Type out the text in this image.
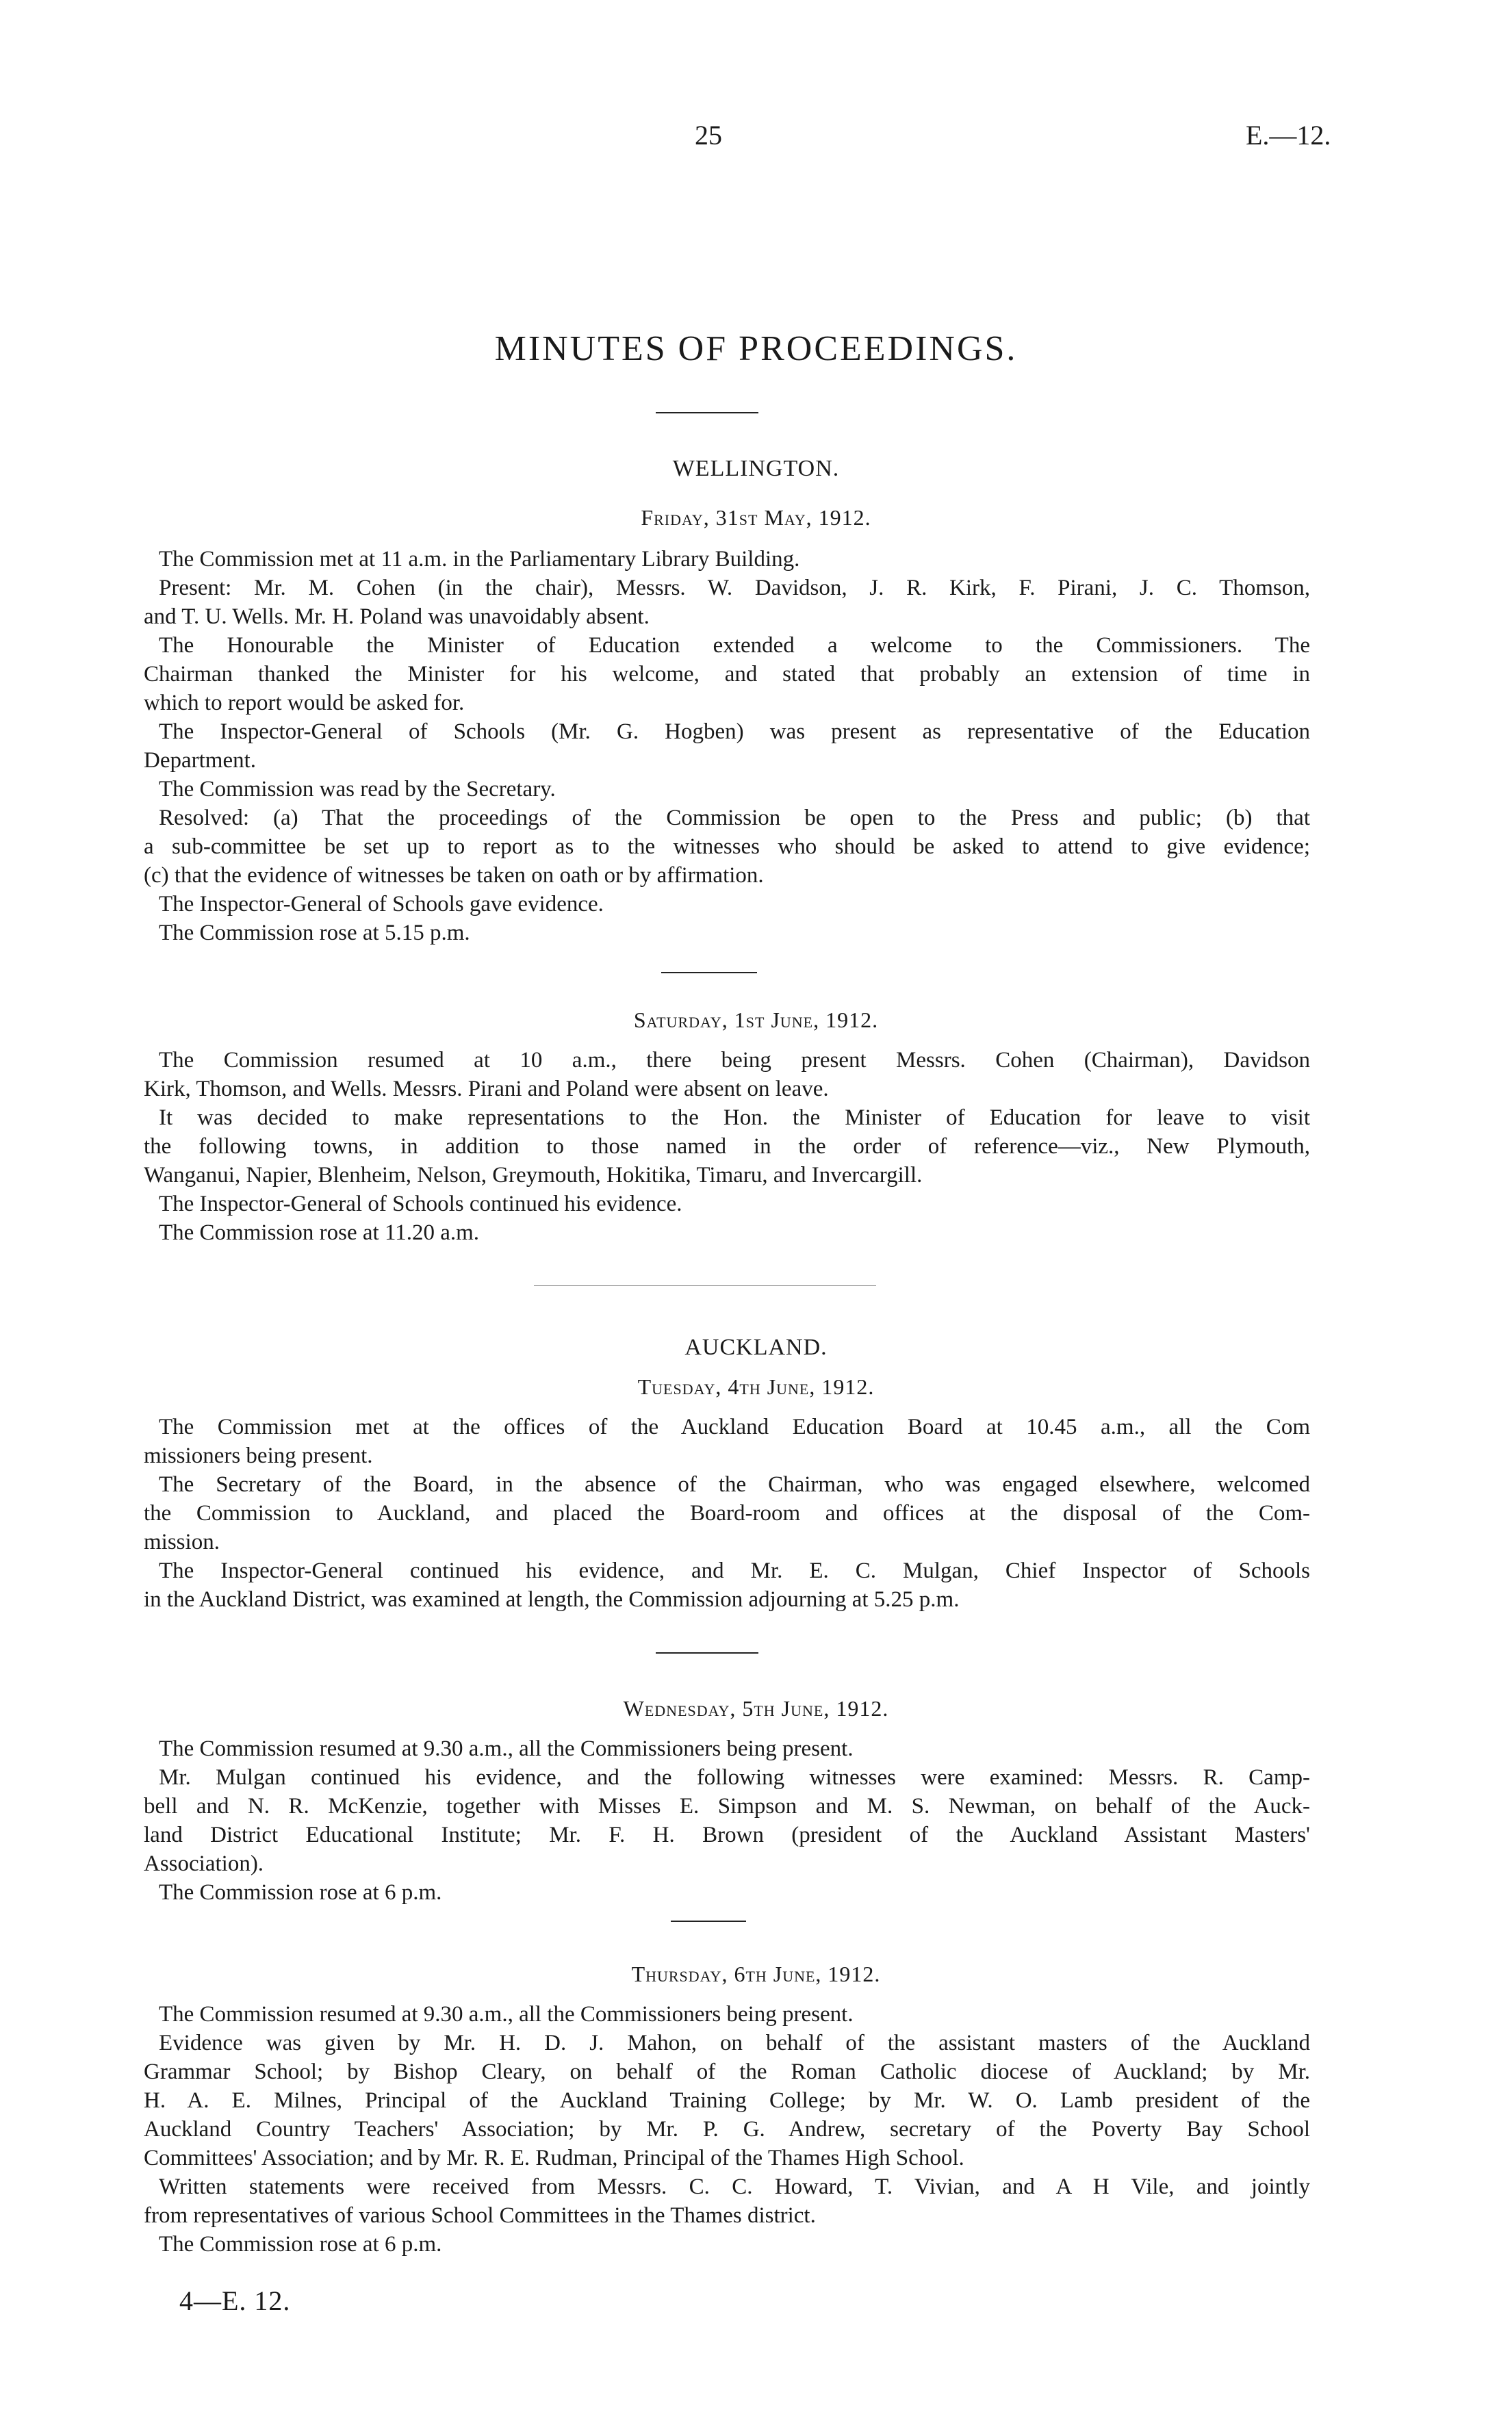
25	E.—12.
MINUTES OF PROCEEDINGS.
WELLINGTON.
Friday, 31st May, 1912.
The Commission met at 11 a.m. in the Parliamentary Library Building.
Present: Mr. M. Cohen (in the chair), Messrs. W. Davidson, J. R. Kirk, F. Pirani, J. C. Thomson,
and T. U. Wells. Mr. H. Poland was unavoidably absent.
The Honourable the Minister of Education extended a welcome to the Commissioners. The
Chairman thanked the Minister for his welcome, and stated that probably an extension of time in
which to report would be asked for.
The Inspector-General of Schools (Mr. G. Hogben) was present as representative of the Education
Department.
The Commission was read by the Secretary.
Resolved: (a) That the proceedings of the Commission be open to the Press and public; (b) that
a sub-committee be set up to report as to the witnesses who should be asked to attend to give evidence;
(c) that the evidence of witnesses be taken on oath or by affirmation.
The Inspector-General of Schools gave evidence.
The Commission rose at 5.15 p.m.
Saturday, 1st June, 1912.
The Commission resumed at 10 a.m., there being present Messrs. Cohen (Chairman), Davidson
Kirk, Thomson, and Wells. Messrs. Pirani and Poland were absent on leave.
It was decided to make representations to the Hon. the Minister of Education for leave to visit
the following towns, in addition to those named in the order of reference—viz., New Plymouth,
Wanganui, Napier, Blenheim, Nelson, Greymouth, Hokitika, Timaru, and Invercargill.
The Inspector-General of Schools continued his evidence.
The Commission rose at 11.20 a.m.
AUCKLAND.
Tuesday, 4th June, 1912.
The Commission met at the offices of the Auckland Education Board at 10.45 a.m., all the Com
missioners being present.
The Secretary of the Board, in the absence of the Chairman, who was engaged elsewhere, welcomed
the Commission to Auckland, and placed the Board-room and offices at the disposal of the Com-
mission.
The Inspector-General continued his evidence, and Mr. E. C. Mulgan, Chief Inspector of Schools
in the Auckland District, was examined at length, the Commission adjourning at 5.25 p.m.
Wednesday, 5th June, 1912.
The Commission resumed at 9.30 a.m., all the Commissioners being present.
Mr. Mulgan continued his evidence, and the following witnesses were examined: Messrs. R. Camp-
bell and N. R. McKenzie, together with Misses E. Simpson and M. S. Newman, on behalf of the Auck-
land District Educational Institute; Mr. F. H. Brown (president of the Auckland Assistant Masters'
Association).
The Commission rose at 6 p.m.
Thursday, 6th June, 1912.
The Commission resumed at 9.30 a.m., all the Commissioners being present.
Evidence was given by Mr. H. D. J. Mahon, on behalf of the assistant masters of the Auckland
Grammar School; by Bishop Cleary, on behalf of the Roman Catholic diocese of Auckland; by Mr.
H. A. E. Milnes, Principal of the Auckland Training College; by Mr. W. O. Lamb president of the
Auckland Country Teachers' Association; by Mr. P. G. Andrew, secretary of the Poverty Bay School
Committees' Association; and by Mr. R. E. Rudman, Principal of the Thames High School.
Written statements were received from Messrs. C. C. Howard, T. Vivian, and A H Vile, and jointly
from representatives of various School Committees in the Thames district.
The Commission rose at 6 p.m.
4—E. 12.
